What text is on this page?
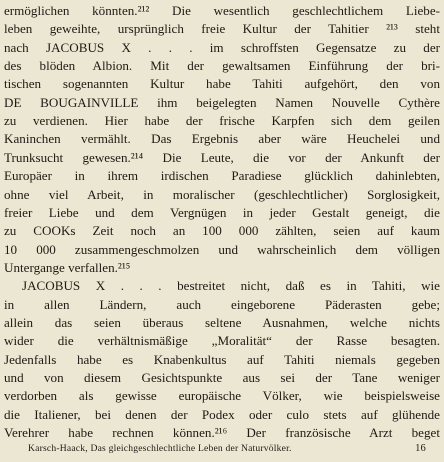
ermöglichen könnten.²¹² Die wesentlich geschlechtlichem Liebe-
leben geweihte, ursprünglich freie Kultur der Tahitier ²¹³ steht
nach JACOBUS X . . . im schroffsten Gegensatze zu der
des blöden Albion. Mit der gewaltsamen Einführung der bri-
tischen sogenannten Kultur habe Tahiti aufgehört, den von
DE BOUGAINVILLE ihm beigelegten Namen Nouvelle Cythère
zu verdienen. Hier habe der frische Karpfen sich dem geilen
Kaninchen vermählt. Das Ergebnis aber wäre Heuchelei und
Trunksucht gewesen.²¹⁴ Die Leute, die vor der Ankunft der
Europäer in ihrem irdischen Paradiese glücklich dahinlebten,
ohne viel Arbeit, in moralischer (geschlechtlicher) Sorglosigkeit,
freier Liebe und dem Vergnügen in jeder Gestalt geneigt, die
zu COOKs Zeit noch an 100 000 zählten, seien auf kaum
10 000 zusammengeschmolzen und wahrscheinlich dem völligen
Untergange verfallen.²¹⁵
JACOBUS X . . . bestreitet nicht, daß es in Tahiti, wie
in allen Ländern, auch eingeborene Päderasten gebe;
allein das seien überaus seltene Ausnahmen, welche nichts
wider die verhältnismäßige „Moralität“ der Rasse besagten.
Jedenfalls habe es Knabenkultus auf Tahiti niemals gegeben
und von diesem Gesichtspunkte aus sei der Tane weniger
verdorben als gewisse europäische Völker, wie beispielsweise
die Italiener, bei denen der Podex oder culo stets auf glühende
Verehrer habe rechnen können.²¹⁶ Der französische Arzt beget
Karsch-Haack, Das gleichgeschlechtliche Leben der Naturvölker.	16
